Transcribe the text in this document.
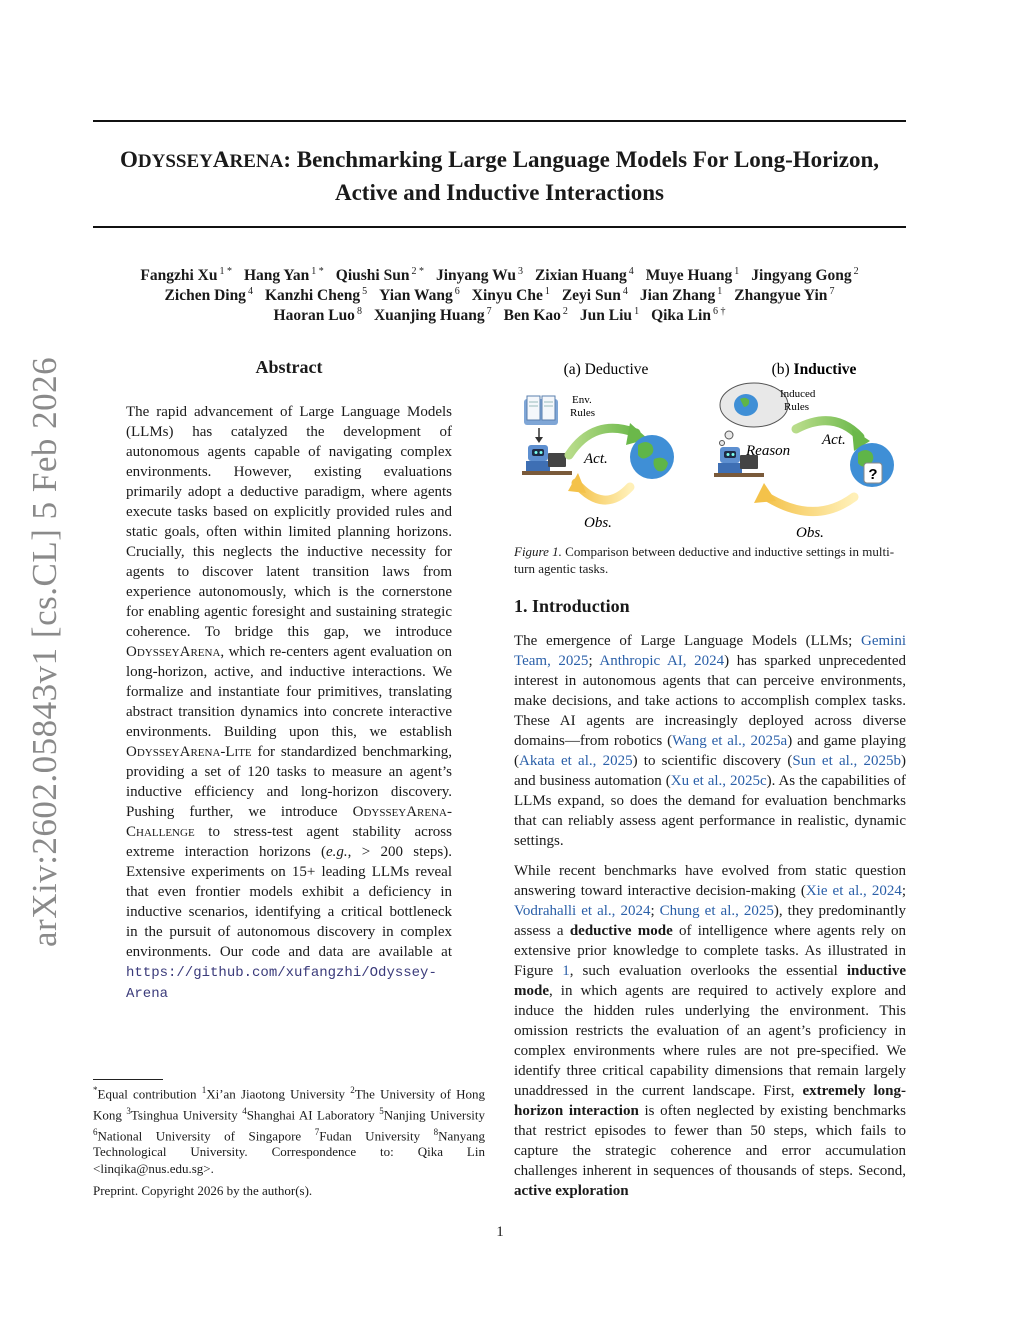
arXiv:2602.05843v1 [cs.CL] 5 Feb 2026
ODYSSEYARENA: Benchmarking Large Language Models For Long-Horizon,
Active and Inductive Interactions
Fangzhi Xu $^{1 *}$ Hang Yan $^{1 *}$ Qiushi Sun $^{2 *}$ Jinyang Wu $^3$ Zixian Huang $^4$ Muye Huang $^1$ Jingyang Gong $^2$
Zichen Ding $^4$ Kanzhi Cheng $^5$ Yian Wang $^6$ Xinyu Che $^1$ Zeyi Sun $^4$ Jian Zhang $^1$ Zhangyue Yin $^7$
Haoran Luo $^8$ Xuanjing Huang $^7$ Ben Kao $^2$ Jun Liu $^1$ Qika Lin $^{6 \dagger}$
Abstract

The rapid advancement of Large Language Models (LLMs) has catalyzed the development of autonomous agents capable of navigating complex environments. However, existing evaluations primarily adopt a deductive paradigm, where agents execute tasks based on explicitly provided rules and static goals, often within limited planning horizons. Crucially, this neglects the inductive necessity for agents to discover latent transition laws from experience autonomously, which is the cornerstone for enabling agentic foresight and sustaining strategic coherence. To bridge this gap, we introduce OdysseyArena, which re-centers agent evaluation on long-horizon, active, and inductive interactions. We formalize and instantiate four primitives, translating abstract transition dynamics into concrete interactive environments. Building upon this, we establish OdysseyArena-Lite for standardized benchmarking, providing a set of 120 tasks to measure an agent’s inductive efficiency and long-horizon discovery. Pushing further, we introduce OdysseyArena-Challenge to stress-test agent stability across extreme interaction horizons (e.g., > 200 steps). Extensive experiments on 15+ leading LLMs reveal that even frontier models exhibit a deficiency in inductive scenarios, identifying a critical bottleneck in the pursuit of autonomous discovery in complex environments. Our code and data are available at https://github.com/xufangzhi/Odyssey-Arena

*Equal contribution $^1$Xi’an Jiaotong University $^2$The University of Hong Kong $^3$Tsinghua University $^4$Shanghai AI Laboratory $^5$Nanjing University $^6$National University of Singapore $^7$Fudan University $^8$Nanyang Technological University. Correspondence to: Qika Lin <linqika@nus.edu.sg>.

Preprint. Copyright 2026 by the author(s).

(a) Deductive	(b) Inductive
Env.
Rules
Act.
Obs.
Induced
Rules
Reason
Act.
?
Obs.

Figure 1. Comparison between deductive and inductive settings in multi-turn agentic tasks.

1. Introduction

The emergence of Large Language Models (LLMs; Gemini Team, 2025; Anthropic AI, 2024) has sparked unprecedented interest in autonomous agents that can perceive environments, make decisions, and take actions to accomplish complex tasks. These AI agents are increasingly deployed across diverse domains—from robotics (Wang et al., 2025a) and game playing (Akata et al., 2025) to scientific discovery (Sun et al., 2025b) and business automation (Xu et al., 2025c). As the capabilities of LLMs expand, so does the demand for evaluation benchmarks that can reliably assess agent performance in realistic, dynamic settings.

While recent benchmarks have evolved from static question answering toward interactive decision-making (Xie et al., 2024; Vodrahalli et al., 2024; Chung et al., 2025), they predominantly assess a deductive mode of intelligence where agents rely on extensive prior knowledge to complete tasks. As illustrated in Figure 1, such evaluation overlooks the essential inductive mode, in which agents are required to actively explore and induce the hidden rules underlying the environment. This omission restricts the evaluation of an agent’s proficiency in complex environments where rules are not pre-specified. We identify three critical capability dimensions that remain largely unaddressed in the current landscape. First, extremely long-horizon interaction is often neglected by existing benchmarks that restrict episodes to fewer than 50 steps, which fails to capture the strategic coherence and error accumulation challenges inherent in sequences of thousands of steps. Second, active exploration

1
